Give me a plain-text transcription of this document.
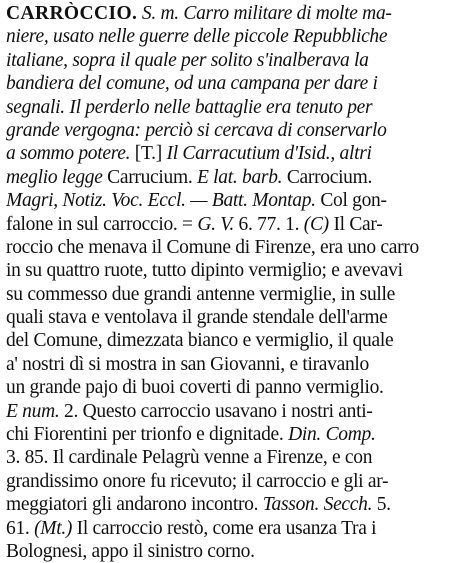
CARRÒCCIO. S. m. Carro militare di molte ma-
niere, usato nelle guerre delle piccole Repubbliche
italiane, sopra il quale per solito s'inalberava la
bandiera del comune, od una campana per dare i
segnali. Il perderlo nelle battaglie era tenuto per
grande vergogna: perciò si cercava di conservarlo
a sommo potere. [T.] Il Carracutium d'Isid., altri
meglio legge Carrucium. E lat. barb. Carrocium.
Magri, Notiz. Voc. Eccl. — Batt. Montap. Col gon-
falone in sul carroccio. = G. V. 6. 77. 1. (C) Il Car-
roccio che menava il Comune di Firenze, era uno carro
in su quattro ruote, tutto dipinto vermiglio; e avevavi
su commesso due grandi antenne vermiglie, in sulle
quali stava e ventolava il grande stendale dell'arme
del Comune, dimezzata bianco e vermiglio, il quale
a' nostri dì si mostra in san Giovanni, e tiravanlo
un grande pajo di buoi coverti di panno vermiglio.
E num. 2. Questo carroccio usavano i nostri anti-
chi Fiorentini per trionfo e dignitade. Din. Comp.
3. 85. Il cardinale Pelagrù venne a Firenze, e con
grandissimo onore fu ricevuto; il carroccio e gli ar-
meggiatori gli andarono incontro. Tasson. Secch. 5.
61. (Mt.) Il carroccio restò, come era usanza Tra i
Bolognesi, appo il sinistro corno.
